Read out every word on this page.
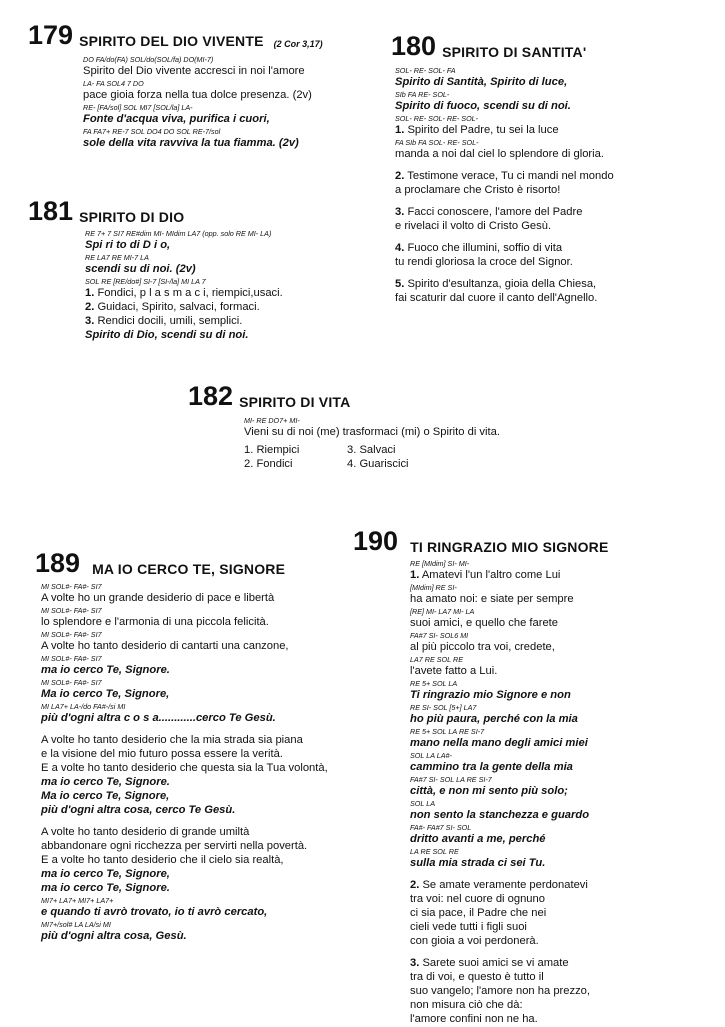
179 SPIRITO DEL DIO VIVENTE (2 Cor 3,17)
DO FA/do(FA) SOL/do(SOL/fa) DO(MI-7)
Spirito del Dio vivente accresci in noi l'amore
LA- FA SOL4 7 DO
pace gioia forza nella tua dolce presenza. (2v)
RE- [FA/sol] SOL MI7 [SOL/la] LA-
Fonte d'acqua viva, purifica i cuori,
FA FA7+ RE-7 SOL DO4 DO SOL RE-7/sol
sole della vita ravviva la tua fiamma. (2v)
180 SPIRITO DI SANTITA'
SOL- RE- SOL- FA
Spirito di Santità, Spirito di luce,
SIb FA RE- SOL-
Spirito di fuoco, scendi su di noi.
SOL- RE- SOL- RE- SOL-
1. Spirito del Padre, tu sei la luce
FA SIb FA SOL- RE- SOL-
manda a noi dal ciel lo splendore di gloria.
2. Testimone verace, Tu ci mandi nel mondo
a proclamare che Cristo è risorto!
3. Facci conoscere, l'amore del Padre
e rivelaci il volto di Cristo Gesù.
4. Fuoco che illumini, soffio di vita
tu rendi gloriosa la croce del Signor.
5. Spirito d'esultanza, gioia della Chiesa,
fai scaturir dal cuore il canto dell'Agnello.
181 SPIRITO DI DIO
RE 7+ 7 SI7 RE#dim MI- MIdim LA7 (opp. solo RE MI- LA)
Spi ri to di D i o,
RE LA7 RE MI-7 LA
scendi su di noi. (2v)
SOL RE [RE/do#] SI-7 [SI-/la] MI LA 7
1. Fondici, p l a s m a c i, riempici,usaci.
2. Guidaci, Spirito, salvaci, formaci.
3. Rendici docili, umili, semplici.
Spirito di Dio, scendi su di noi.
182 SPIRITO DI VITA
MI- RE DO7+ MI-
Vieni su di noi (me) trasformaci (mi) o Spirito di vita.
1. Riempici	3. Salvaci
2. Fondici	4. Guariscici
189 MA IO CERCO TE, SIGNORE
MI SOL#- FA#- SI7
A volte ho un grande desiderio di pace e libertà
MI SOL#- FA#- SI7
lo splendore e l'armonia di una piccola felicità.
MI SOL#- FA#- SI7
A volte ho tanto desiderio di cantarti una canzone,
MI SOL#- FA#- SI7
ma io cerco Te, Signore.
MI SOL#- FA#- SI7
Ma io cerco Te, Signore,
MI LA7+ LA-/do FA#-/si MI
più d'ogni altra c o s a............cerco Te Gesù.
A volte ho tanto desiderio che la mia strada sia piana
e la visione del mio futuro possa essere la verità.
E a volte ho tanto desiderio che questa sia la Tua volontà,
ma io cerco Te, Signore.
Ma io cerco Te, Signore,
più d'ogni altra cosa, cerco Te Gesù.
A volte ho tanto desiderio di grande umiltà
abbandonare ogni ricchezza per servirti nella povertà.
E a volte ho tanto desiderio che il cielo sia realtà,
ma io cerco Te, Signore,
ma io cerco Te, Signore.
MI7+ LA7+ MI7+ LA7+
e quando ti avrò trovato, io ti avrò cercato,
MI7+/sol# LA LA/si MI
più d'ogni altra cosa, Gesù.
190 TI RINGRAZIO MIO SIGNORE
RE [MIdim] SI- MI-
1. Amatevi l'un l'altro come Lui
[MIdim] RE SI-
ha amato noi: e siate per sempre
[RE] MI- LA7 MI- LA
suoi amici, e quello che farete
FA#7 SI- SOL6 MI
al più piccolo tra voi, credete,
LA7 RE SOL RE
l'avete fatto a Lui.
RE 5+ SOL LA
Ti ringrazio mio Signore e non
RE SI- SOL [5+] LA7
ho più paura, perché con la mia
RE 5+ SOL LA RE SI-7
mano nella mano degli amici miei
SOL LA LA#-
cammino tra la gente della mia
FA#7 SI- SOL LA RE SI-7
città, e non mi sento più solo;
SOL LA
non sento la stanchezza e guardo
FA#- FA#7 SI- SOL
dritto avanti a me, perché
LA RE SOL RE
sulla mia strada ci sei Tu.
2. Se amate veramente perdonatevi
tra voi: nel cuore di ognuno
ci sia pace, il Padre che nei
cieli vede tutti i figli suoi
con gioia a voi perdonerà.
3. Sarete suoi amici se vi amate
tra di voi, e questo è tutto il
suo vangelo; l'amore non ha prezzo,
non misura ciò che dà:
l'amore confini non ne ha.
